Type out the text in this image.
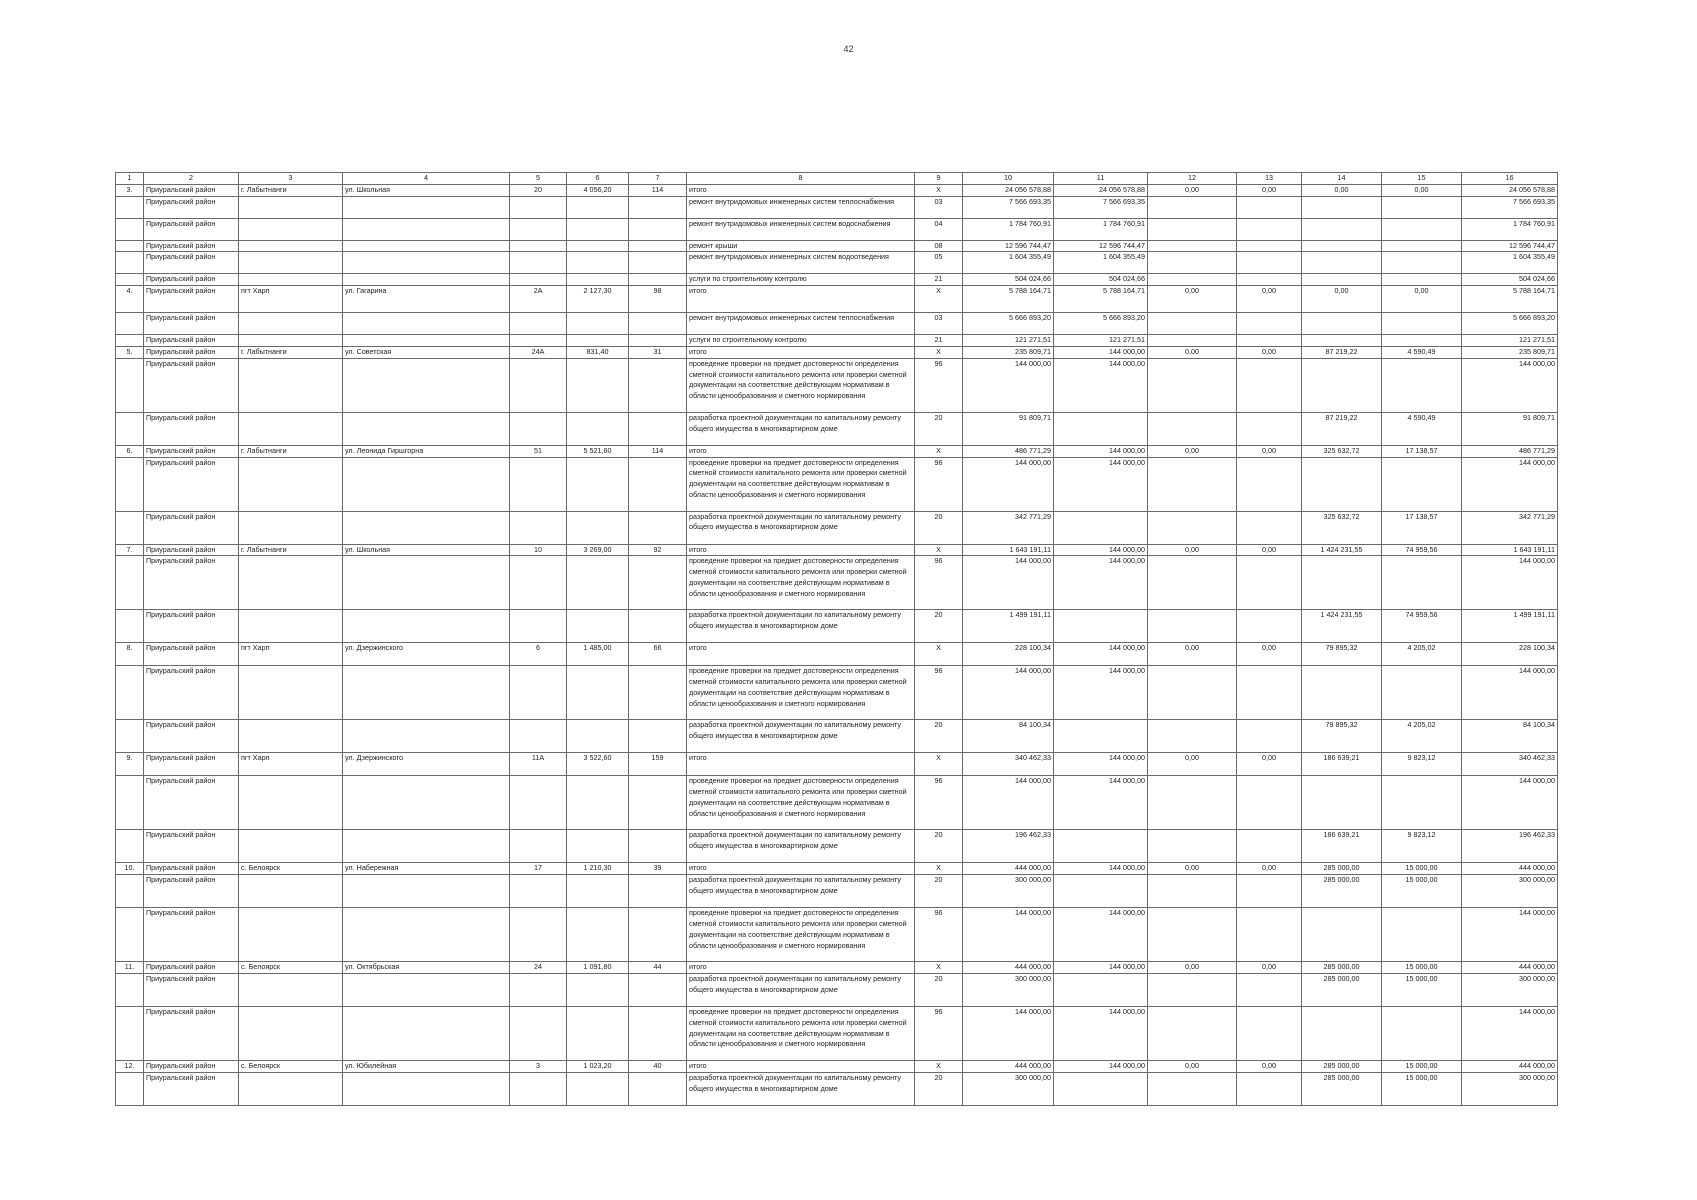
42
1	2	3	4	5	6	7	8	9	10	11	12	13	14	15	16
3.	Приуральский район	г. Лабытнанги	ул. Школьная	20	4 056,20	114	итого	Х	24 056 578,88	24 056 578,88	0,00	0,00	0,00	0,00	24 056 578,88
	Приуральский район						ремонт внутридомовых инженерных систем теплоснабжения	03	7 566 693,35	7 566 693,35					7 566 693,35
	Приуральский район						ремонт внутридомовых инженерных систем водоснабжения	04	1 784 760,91	1 784 760,91					1 784 760,91
	Приуральский район						ремонт крыши	08	12 596 744,47	12 596 744,47					12 596 744,47
	Приуральский район						ремонт внутридомовых инженерных систем водоотведения	05	1 604 355,49	1 604 355,49					1 604 355,49
	Приуральский район						услуги по строительному контролю	21	504 024,66	504 024,66					504 024,66
4.	Приуральский район	пгт Харп	ул. Гагарина	2А	2 127,30	98	итого	Х	5 788 164,71	5 788 164,71	0,00	0,00	0,00	0,00	5 788 164,71
	Приуральский район						ремонт внутридомовых инженерных систем теплоснабжения	03	5 666 893,20	5 666 893,20					5 666 893,20
	Приуральский район						услуги по строительному контролю	21	121 271,51	121 271,51					121 271,51
5.	Приуральский район	г. Лабытнанги	ул. Советская	24А	831,40	31	итого	Х	235 809,71	144 000,00	0,00	0,00	87 219,22	4 590,49	235 809,71
	Приуральский район						проведение проверки на предмет достоверности определения сметной стоимости капитального ремонта или проверки сметной документации на соответствие действующим нормативам в области ценообразования и сметного нормирования	96	144 000,00	144 000,00					144 000,00
	Приуральский район						разработка проектной документации по капитальному ремонту общего имущества в многоквартирном доме	20	91 809,71				87 219,22	4 590,49	91 809,71
6.	Приуральский район	г. Лабытнанги	ул. Леонида Гиршгорна	51	5 521,60	114	итого	Х	486 771,29	144 000,00	0,00	0,00	325 632,72	17 138,57	486 771,29
	Приуральский район						проведение проверки на предмет достоверности определения сметной стоимости капитального ремонта или проверки сметной документации на соответствие действующим нормативам в области ценообразования и сметного нормирования	96	144 000,00	144 000,00					144 000,00
	Приуральский район						разработка проектной документации по капитальному ремонту общего имущества в многоквартирном доме	20	342 771,29				325 632,72	17 138,57	342 771,29
7.	Приуральский район	г. Лабытнанги	ул. Школьная	10	3 269,00	92	итого	Х	1 643 191,11	144 000,00	0,00	0,00	1 424 231,55	74 959,56	1 643 191,11
	Приуральский район						проведение проверки на предмет достоверности определения сметной стоимости капитального ремонта или проверки сметной документации на соответствие действующим нормативам в области ценообразования и сметного нормирования	96	144 000,00	144 000,00					144 000,00
	Приуральский район						разработка проектной документации по капитальному ремонту общего имущества в многоквартирном доме	20	1 499 191,11				1 424 231,55	74 959,56	1 499 191,11
8.	Приуральский район	пгт Харп	ул. Дзержинского	6	1 485,00	66	итого	Х	228 100,34	144 000,00	0,00	0,00	79 895,32	4 205,02	228 100,34
	Приуральский район						проведение проверки на предмет достоверности определения сметной стоимости капитального ремонта или проверки сметной документации на соответствие действующим нормативам в области ценообразования и сметного нормирования	96	144 000,00	144 000,00					144 000,00
	Приуральский район						разработка проектной документации по капитальному ремонту общего имущества в многоквартирном доме	20	84 100,34				79 895,32	4 205,02	84 100,34
9.	Приуральский район	пгт Харп	ул. Дзержинского	11А	3 522,60	159	итого	Х	340 462,33	144 000,00	0,00	0,00	186 639,21	9 823,12	340 462,33
	Приуральский район						проведение проверки на предмет достоверности определения сметной стоимости капитального ремонта или проверки сметной документации на соответствие действующим нормативам в области ценообразования и сметного нормирования	96	144 000,00	144 000,00					144 000,00
	Приуральский район						разработка проектной документации по капитальному ремонту общего имущества в многоквартирном доме	20	196 462,33				186 639,21	9 823,12	196 462,33
10.	Приуральский район	с. Белоярск	ул. Набережная	17	1 210,30	39	итого	Х	444 000,00	144 000,00	0,00	0,00	285 000,00	15 000,00	444 000,00
	Приуральский район						разработка проектной документации по капитальному ремонту общего имущества в многоквартирном доме	20	300 000,00				285 000,00	15 000,00	300 000,00
	Приуральский район						проведение проверки на предмет достоверности определения сметной стоимости капитального ремонта или проверки сметной документации на соответствие действующим нормативам в области ценообразования и сметного нормирования	96	144 000,00	144 000,00					144 000,00
11.	Приуральский район	с. Белоярск	ул. Октябрьская	24	1 091,80	44	итого	Х	444 000,00	144 000,00	0,00	0,00	285 000,00	15 000,00	444 000,00
	Приуральский район						разработка проектной документации по капитальному ремонту общего имущества в многоквартирном доме	20	300 000,00				285 000,00	15 000,00	300 000,00
	Приуральский район						проведение проверки на предмет достоверности определения сметной стоимости капитального ремонта или проверки сметной документации на соответствие действующим нормативам в области ценообразования и сметного нормирования	96	144 000,00	144 000,00					144 000,00
12.	Приуральский район	с. Белоярск	ул. Юбилейная	3	1 023,20	40	итого	Х	444 000,00	144 000,00	0,00	0,00	285 000,00	15 000,00	444 000,00
	Приуральский район						разработка проектной документации по капитальному ремонту общего имущества в многоквартирном доме	20	300 000,00				285 000,00	15 000,00	300 000,00
